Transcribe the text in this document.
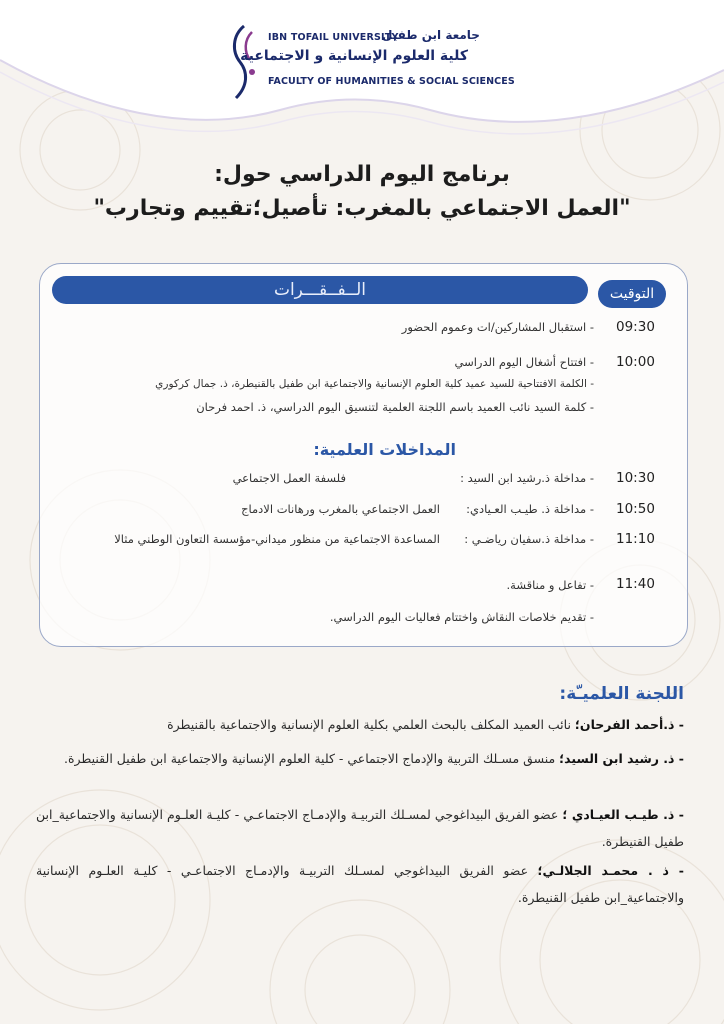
IBN TOFAIL UNIVERSITY
جامعة ابن طفيل
كلية العلوم الإنسانية و الاجتماعية
FACULTY OF HUMANITIES & SOCIAL SCIENCES
برنامج اليوم الدراسي حول:
"العمل الاجتماعي بالمغرب: تأصيل؛تقييم وتجارب"
الــفــقـــرات	التوقيت
09:30
- استقبال المشاركين/ات وعموم الحضور
10:00
- افتتاح أشغال اليوم الدراسي
- الكلمة الافتتاحية للسيد عميد كلية العلوم الإنسانية والاجتماعية ابن طفيل بالقنيطرة، ذ. جمال كركوري
- كلمة السيد نائب العميد باسم اللجنة العلمية لتنسيق اليوم الدراسي، ذ. احمد فرحان
المداخلات العلمية:
10:30
- مداخلة ذ.رشيد ابن السيد :
فلسفة العمل الاجتماعي
10:50
- مداخلة ذ. طيـب العـيادي:
العمل الاجتماعي بالمغرب ورهانات الادماج
11:10
- مداخلة ذ.سفيان رياضـي :
المساعدة الاجتماعية من منظور ميداني-مؤسسة التعاون الوطني مثالا
11:40
- تفاعل و مناقشة.
- تقديم خلاصات النقاش واختتام فعاليات اليوم الدراسي.
اللجنة العلميـّة:
- ذ.أحمد الفرحان؛ نائب العميد المكلف بالبحث العلمي بكلية العلوم الإنسانية والاجتماعية بالقنيطرة
- ذ. رشيد ابن السيد؛ منسق مسـلك التربية والإدماج الاجتماعي - كلية العلوم الإنسانية والاجتماعية ابن طفيل القنيطرة.
- ذ. طيـب العيـادي ؛ عضو الفريق البيداغوجي لمسـلك التربيـة والإدمـاج الاجتماعـي - كليـة العلـوم الإنسانية والاجتماعية_ابن طفيل القنيطرة.
- ذ . محمـد الجلالـي؛ عضو الفريق البيداغوجي لمسـلك التربيـة والإدمـاج الاجتماعـي - كليـة العلـوم الإنسانية والاجتماعية_ابن طفيل القنيطرة.
